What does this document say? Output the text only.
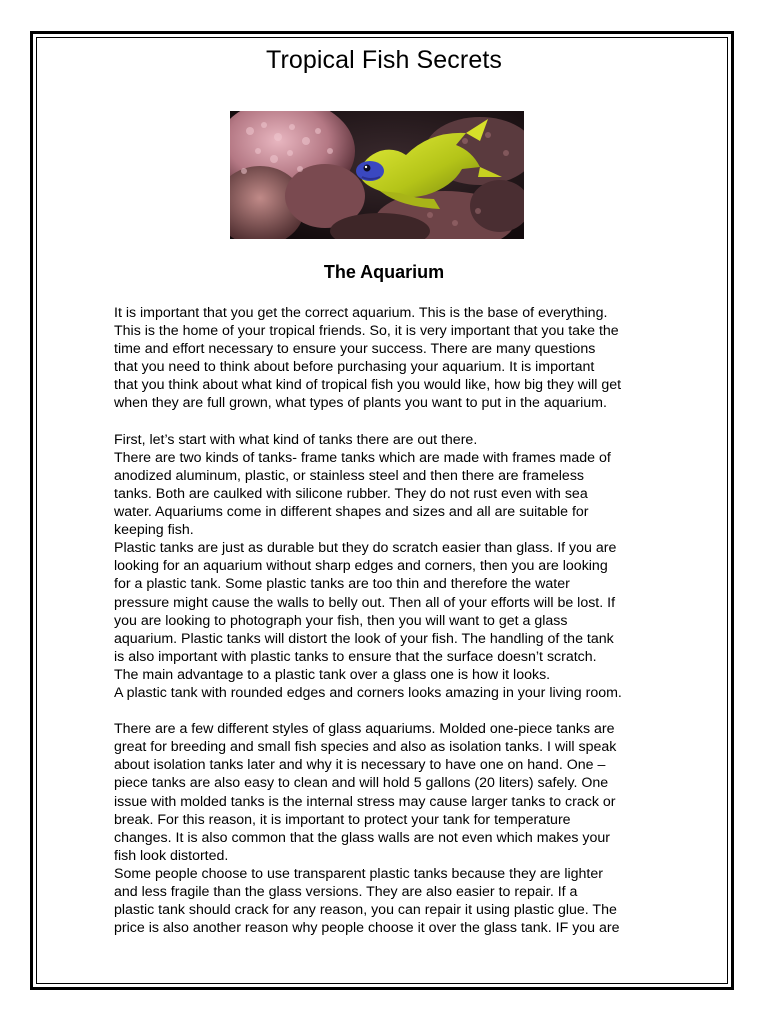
Tropical Fish Secrets
The Aquarium

It is important that you get the correct aquarium. This is the base of everything.

This is the home of your tropical friends. So, it is very important that you take the

time and effort necessary to ensure your success. There are many questions

that you need to think about before purchasing your aquarium. It is important

that you think about what kind of tropical fish you would like, how big they will get

when they are full grown, what types of plants you want to put in the aquarium.

First, let’s start with what kind of tanks there are out there.

There are two kinds of tanks- frame tanks which are made with frames made of

anodized aluminum, plastic, or stainless steel and then there are frameless

tanks. Both are caulked with silicone rubber. They do not rust even with sea

water. Aquariums come in different shapes and sizes and all are suitable for

keeping fish.

Plastic tanks are just as durable but they do scratch easier than glass. If you are

looking for an aquarium without sharp edges and corners, then you are looking

for a plastic tank. Some plastic tanks are too thin and therefore the water

pressure might cause the walls to belly out. Then all of your efforts will be lost. If

you are looking to photograph your fish, then you will want to get a glass

aquarium. Plastic tanks will distort the look of your fish. The handling of the tank

is also important with plastic tanks to ensure that the surface doesn’t scratch.

The main advantage to a plastic tank over a glass one is how it looks.

A plastic tank with rounded edges and corners looks amazing in your living room.

There are a few different styles of glass aquariums. Molded one-piece tanks are

great for breeding and small fish species and also as isolation tanks. I will speak

about isolation tanks later and why it is necessary to have one on hand. One –

piece tanks are also easy to clean and will hold 5 gallons (20 liters) safely. One

issue with molded tanks is the internal stress may cause larger tanks to crack or

break. For this reason, it is important to protect your tank for temperature

changes. It is also common that the glass walls are not even which makes your

fish look distorted.

Some people choose to use transparent plastic tanks because they are lighter

and less fragile than the glass versions. They are also easier to repair. If a

plastic tank should crack for any reason, you can repair it using plastic glue. The

price is also another reason why people choose it over the glass tank. IF you are
